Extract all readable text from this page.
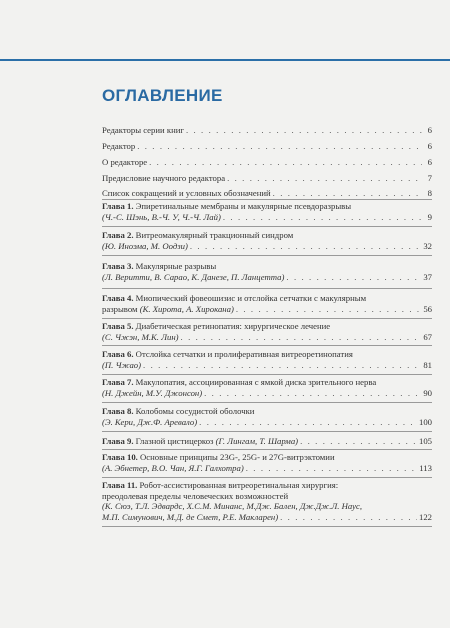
ОГЛАВЛЕНИЕ
Редакторы серии книг . . .	6
Редактор . . .	6
О редакторе . . .	6
Предисловие научного редактора . . .	7
Список сокращений и условных обозначений . . .	8
Глава 1. Эпиретинальные мембраны и макулярные псевдоразрывы
(Ч.-С. Шэнь, В.-Ч. У, Ч.-Ч. Лай) . . .	9
Глава 2. Витреомакулярный тракционный синдром
(Ю. Иноэма, М. Оодзи) . . .	32
Глава 3. Макулярные разрывы
(Л. Веритти, В. Сарао, К. Данезе, П. Ланцетта) . . .	37
Глава 4. Миопический фовеошизис и отслойка сетчатки с макулярным
разрывом (К. Хирота, А. Хирокана) . . .	56
Глава 5. Диабетическая ретинопатия: хирургическое лечение
(С. Чжэн, М.К. Лин) . . .	67
Глава 6. Отслойка сетчатки и пролиферативная витреоретинопатия
(П. Чжао) . . .	81
Глава 7. Макулопатия, ассоциированная с ямкой диска зрительного нерва
(Н. Джейн, М.У. Джонсон) . . .	90
Глава 8. Колобомы сосудистой оболочки
(Э. Кери, Дж.Ф. Аревало) . . .	100
Глава 9. Глазной цистицеркоз (Г. Лингам, Т. Шарма) . . .	105
Глава 10. Основные принципы 23G-, 25G- и 27G-витрэктомии
(А. Эбнетер, В.О. Чан, Я.Г. Галхотра) . . .	113
Глава 11. Робот-ассистированная витреоретинальная хирургия:
преодолевая пределы человеческих возможностей
(К. Сюэ, Т.Л. Эдвардс, Х.С.М. Минанс, М.Дж. Бален, Дж.Дж.Л. Наус,
М.П. Симунович, М.Д. де Смет, Р.Е. Макларен) . . .	122
